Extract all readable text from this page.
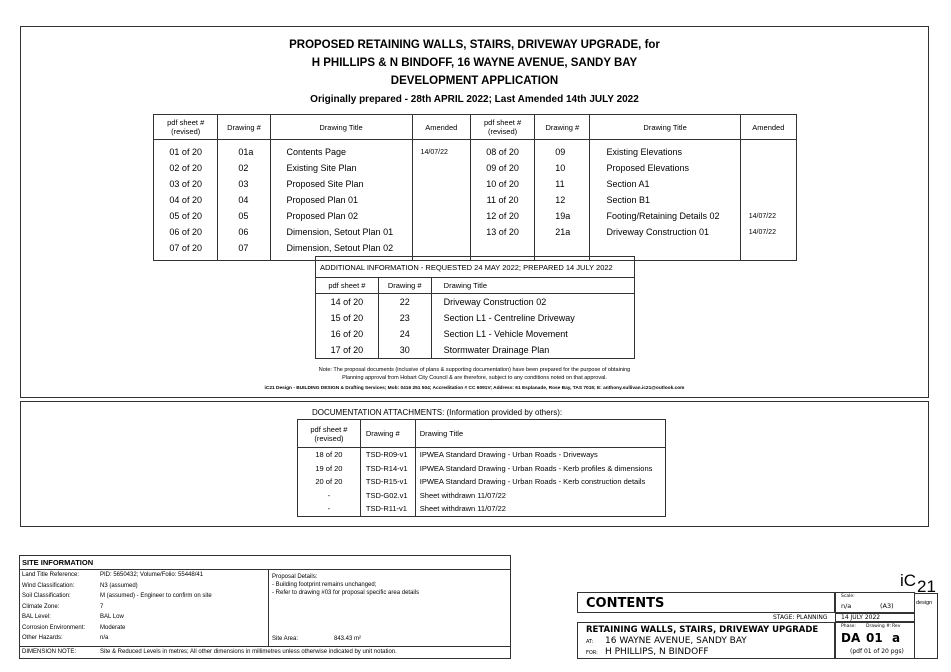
PROPOSED RETAINING WALLS, STAIRS, DRIVEWAY UPGRADE, for
H PHILLIPS & N BINDOFF, 16 WAYNE AVENUE, SANDY BAY
DEVELOPMENT APPLICATION
Originally prepared - 28th APRIL 2022; Last Amended 14th JULY 2022
pdf sheet #
(revised)	Drawing #	Drawing Title	Amended	pdf sheet #
(revised)	Drawing #	Drawing Title	Amended

01 of 20	01a	Contents Page	14/07/22	08 of 20	09	Existing Elevations	
02 of 20	02	Existing Site Plan		09 of 20	10	Proposed Elevations	
03 of 20	03	Proposed Site Plan		10 of 20	11	Section A1	
04 of 20	04	Proposed Plan 01		11 of 20	12	Section B1	
05 of 20	05	Proposed Plan 02		12 of 20	19a	Footing/Retaining Details 02	14/07/22
06 of 20	06	Dimension, Setout Plan 01		13 of 20	21a	Driveway Construction 01	14/07/22
07 of 20	07	Dimension, Setout Plan 02					

ADDITIONAL INFORMATION - REQUESTED 24 MAY 2022; PREPARED 14 JULY 2022		
pdf sheet #	Drawing #	Drawing Title
14 of 20	22	Driveway Construction 02
15 of 20	23	Section L1 - Centreline Driveway
16 of 20	24	Section L1 - Vehicle Movement
17 of 20	30	Stormwater Drainage Plan
Note: The proposal documents (inclusive of plans & supporting documentation) have been prepared for the purpose of obtaining
Planning approval from Hobart City Council & are therefore, subject to any conditions noted on that approval.
iC21 Design - BUILDING DESIGN & Drafting Services; Mob: 0416 251 504; Accreditation # CC 6091V; Address: 61 Esplanade, Rose Bay, TAS 7015; E: anthony.sullivan.ic21@outlook.com
DOCUMENTATION ATTACHMENTS: (Information provided by others):
pdf sheet #
(revised)	Drawing #	Drawing Title
18 of 20	TSD-R09-v1	IPWEA Standard Drawing - Urban Roads - Driveways
19 of 20	TSD-R14-v1	IPWEA Standard Drawing - Urban Roads - Kerb profiles & dimensions
20 of 20	TSD-R15-v1	IPWEA Standard Drawing - Urban Roads - Kerb construction details
-	TSD-G02.v1	Sheet withdrawn 11/07/22
-	TSD-R11-v1	Sheet withdrawn 11/07/22
SITE INFORMATION
Land Title Reference:	PID: 5650432; Volume/Folio: 55448/41
Wind Classification:	N3 (assumed)
Soil Classification:	M (assumed) - Engineer to confirm on site
Climate Zone:	7
BAL Level:	BAL Low
Corrosion Environment: Moderate
Other Hazards:	n/a
Proposal Details:
- Building footprint remains unchanged;
- Refer to drawing #03 for proposal specific area details
Site Area:	843.43 m²
DIMENSION NOTE:	Site & Reduced Levels in metres; All other dimensions in millimetres unless otherwise indicated by unit notation.
iC 21
design
CONTENTS	Scale:
n/a	(A3)
STAGE: PLANNING 14 JULY 2022
RETAINING WALLS, STAIRS, DRIVEWAY UPGRADE
AT: 16 WAYNE AVENUE, SANDY BAY
FOR: H PHILLIPS, N BINDOFF
Phase: Drawing #: Rev
DA 01 a
(pdf 01 of 20 pgs)
